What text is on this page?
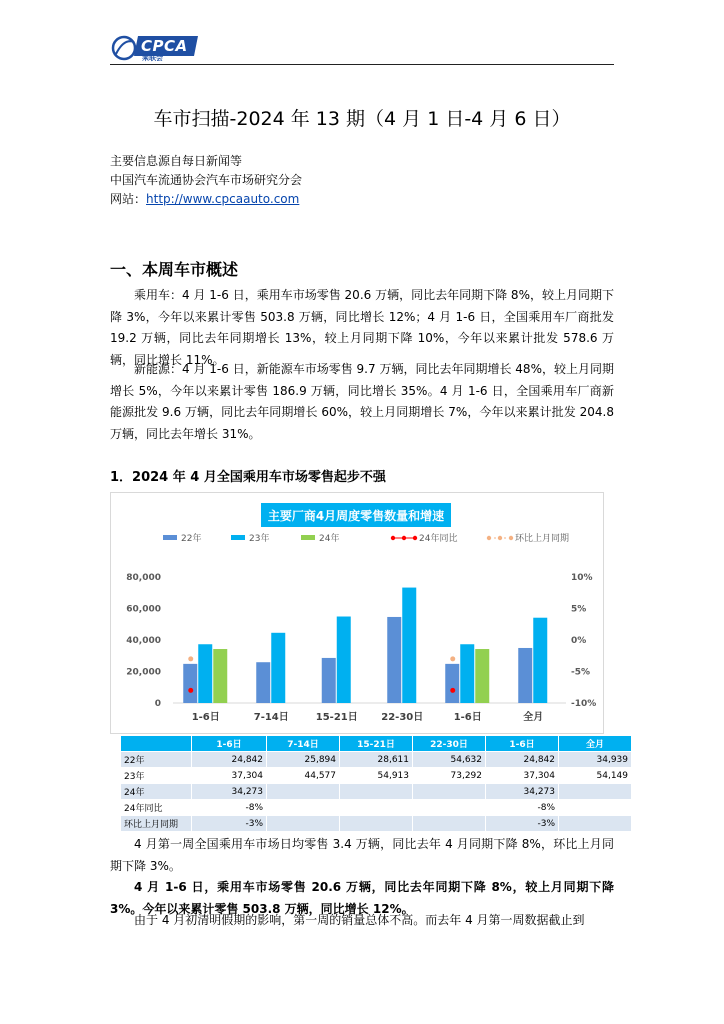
CPCA
乘联会
车市扫描-2024 年 13 期（4 月 1 日-4 月 6 日）
主要信息源自每日新闻等
中国汽车流通协会汽车市场研究分会
网站：http://www.cpcaauto.com
一、本周车市概述
乘用车：4 月 1-6 日，乘用车市场零售 20.6 万辆，同比去年同期下降 8%，较上月同期下降 3%，今年以来累计零售 503.8 万辆，同比增长 12%；4 月 1-6 日，全国乘用车厂商批发 19.2 万辆，同比去年同期增长 13%，较上月同期下降 10%，今年以来累计批发 578.6 万辆，同比增长 11%。
新能源：4 月 1-6 日，新能源车市场零售 9.7 万辆，同比去年同期增长 48%，较上月同期增长 5%，今年以来累计零售 186.9 万辆，同比增长 35%。4 月 1-6 日，全国乘用车厂商新能源批发 9.6 万辆，同比去年同期增长 60%，较上月同期增长 7%，今年以来累计批发 204.8 万辆，同比去年增长 31%。
1．2024 年 4 月全国乘用车市场零售起步不强
主要厂商4月周度零售数量和增速
22年	23年	24年	24年同比	环比上月同期
80,000
60,000
40,000
20,000
0
10%
5%
0%
-5%
-10%
1-6日	7-14日	15-21日 22-30日	1-6日	全月
	1-6日	7-14日	15-21日	22-30日	1-6日	全月
22年	24,842	25,894	28,611	54,632	24,842	34,939
23年	37,304	44,577	54,913	73,292	37,304	54,149
24年	34,273				34,273	
24年同比	-8%				-8%	
环比上月同期	-3%				-3%	
4 月第一周全国乘用车市场日均零售 3.4 万辆，同比去年 4 月同期下降 8%，环比上月同期下降 3%。
4 月 1-6 日，乘用车市场零售 20.6 万辆，同比去年同期下降 8%，较上月同期下降 3%。今年以来累计零售 503.8 万辆，同比增长 12%。
由于 4 月初清明假期的影响，第一周的销量总体不高。而去年 4 月第一周数据截止到
